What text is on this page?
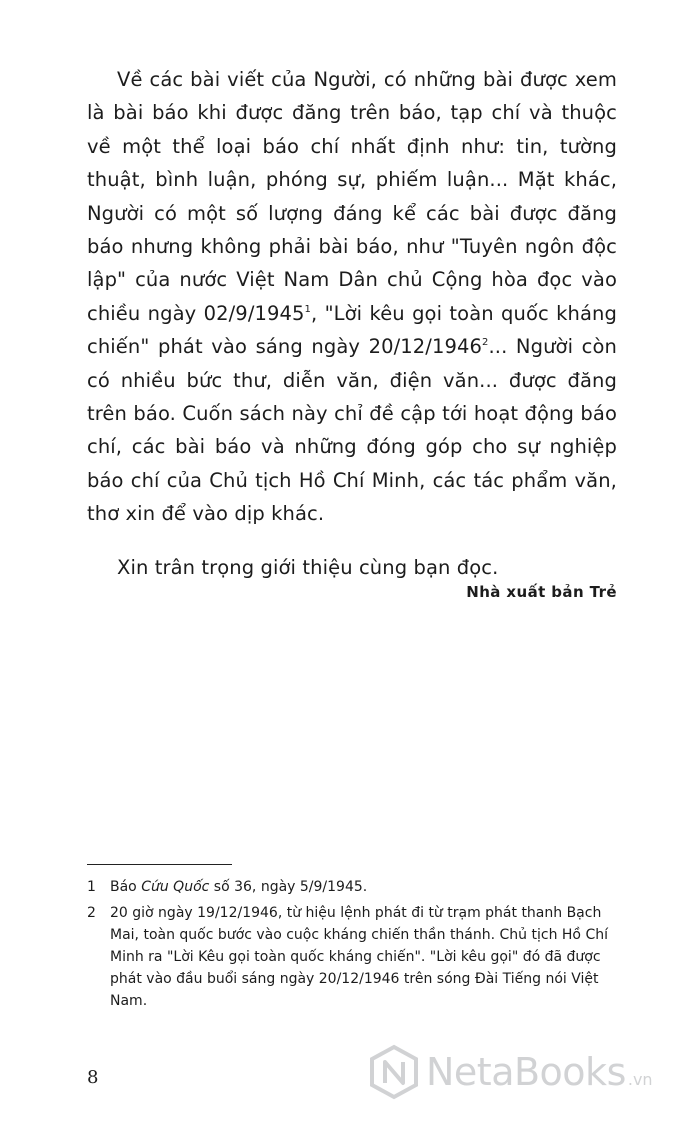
Về các bài viết của Người, có những bài được xem là bài báo khi được đăng trên báo, tạp chí và thuộc về một thể loại báo chí nhất định như: tin, tường thuật, bình luận, phóng sự, phiếm luận... Mặt khác, Người có một số lượng đáng kể các bài được đăng báo nhưng không phải bài báo, như "Tuyên ngôn độc lập" của nước Việt Nam Dân chủ Cộng hòa đọc vào chiều ngày 02/9/1945$^1$, "Lời kêu gọi toàn quốc kháng chiến" phát vào sáng ngày 20/12/1946$^2$... Người còn có nhiều bức thư, diễn văn, điện văn... được đăng trên báo. Cuốn sách này chỉ đề cập tới hoạt động báo chí, các bài báo và những đóng góp cho sự nghiệp báo chí của Chủ tịch Hồ Chí Minh, các tác phẩm văn, thơ xin để vào dịp khác.

Xin trân trọng giới thiệu cùng bạn đọc.

Nhà xuất bản Trẻ
1	Báo Cứu Quốc số 36, ngày 5/9/1945.
2	20 giờ ngày 19/12/1946, từ hiệu lệnh phát đi từ trạm phát thanh Bạch Mai, toàn quốc bước vào cuộc kháng chiến thần thánh. Chủ tịch Hồ Chí Minh ra "Lời Kêu gọi toàn quốc kháng chiến". "Lời kêu gọi" đó đã được phát vào đầu buổi sáng ngày 20/12/1946 trên sóng Đài Tiếng nói Việt Nam.
8	NetaBooks .vn
